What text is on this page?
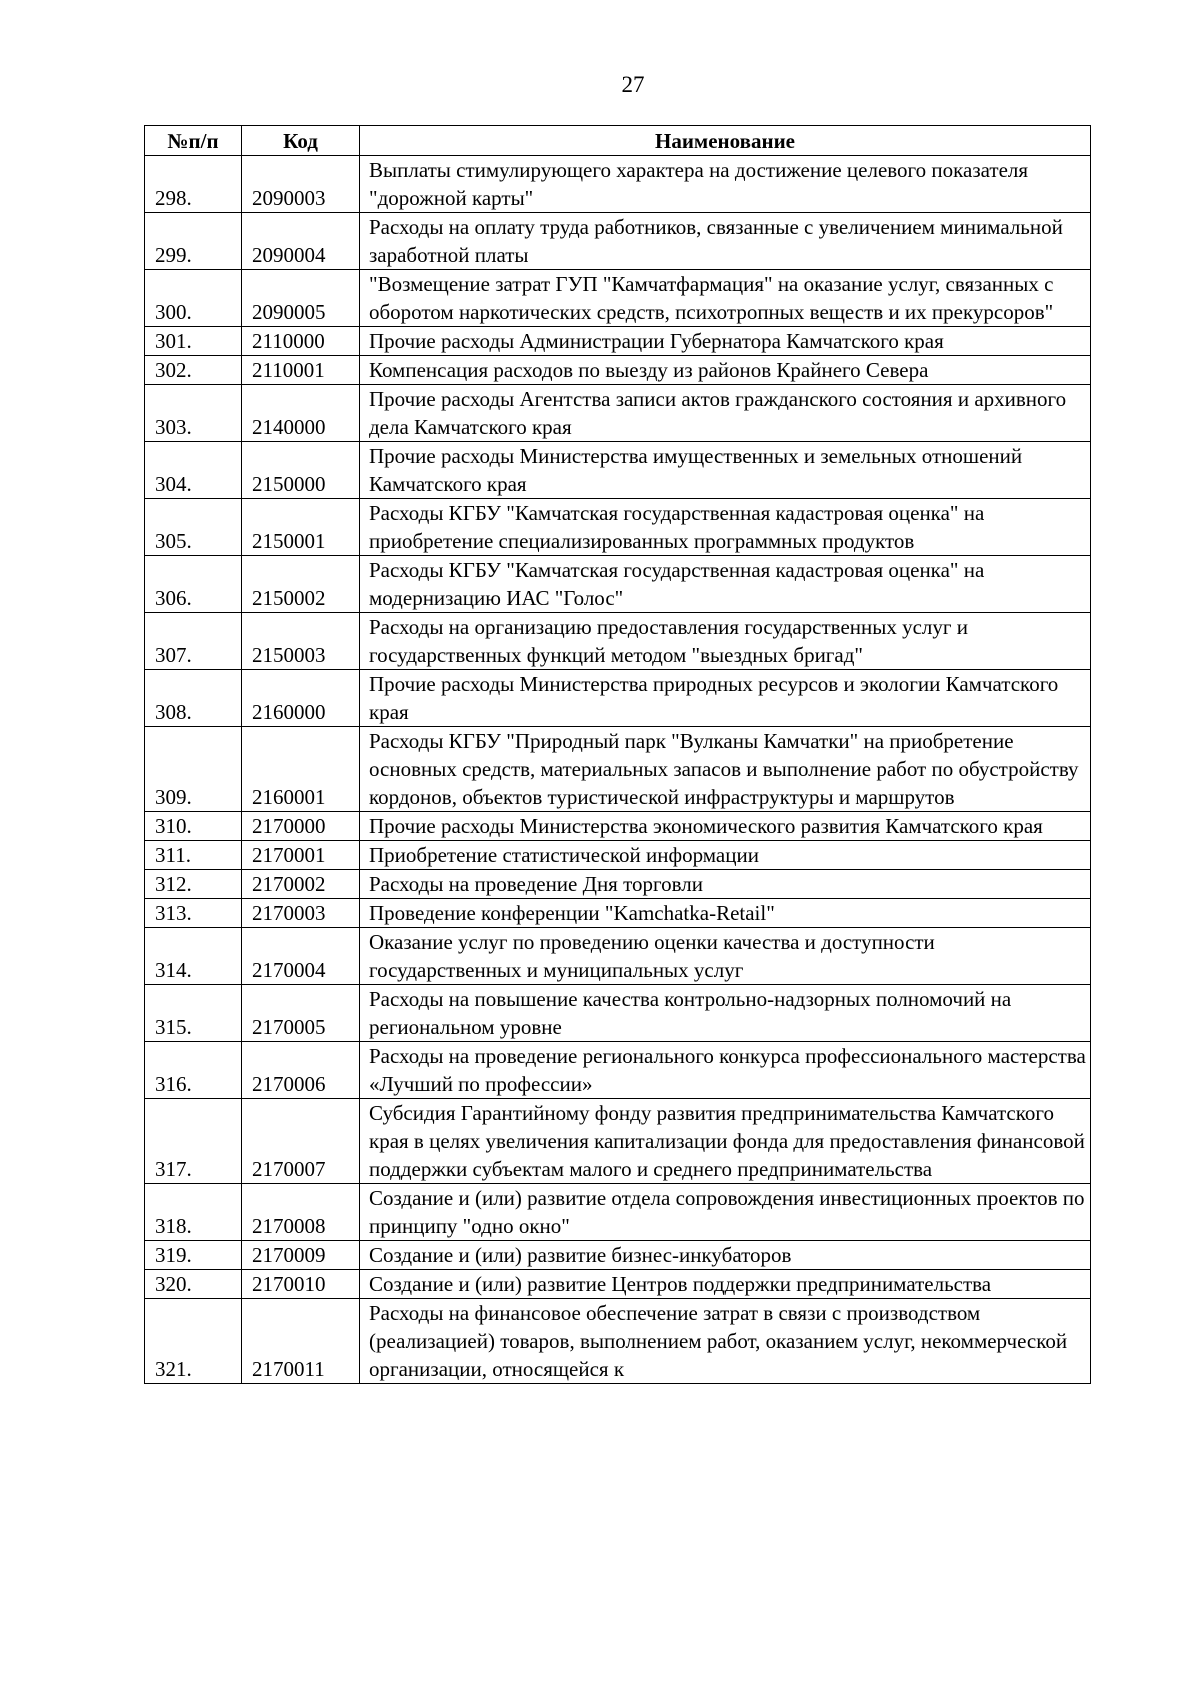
27
№п/п	Код	Наименование
298.	2090003	Выплаты стимулирующего характера на достижение целевого показателя "дорожной карты"
299.	2090004	Расходы на оплату труда работников, связанные с увеличением минимальной заработной платы
300.	2090005	"Возмещение затрат ГУП "Камчатфармация" на оказание услуг, связанных с оборотом наркотических средств, психотропных веществ и их прекурсоров"
301.	2110000	Прочие расходы Администрации Губернатора Камчатского края
302.	2110001	Компенсация расходов по выезду из районов Крайнего Севера
303.	2140000	Прочие расходы Агентства записи актов гражданского состояния и архивного дела Камчатского края
304.	2150000	Прочие расходы Министерства имущественных и земельных отношений Камчатского края
305.	2150001	Расходы КГБУ "Камчатская государственная кадастровая оценка" на приобретение специализированных программных продуктов
306.	2150002	Расходы КГБУ "Камчатская государственная кадастровая оценка" на модернизацию ИАС "Голос"
307.	2150003	Расходы на организацию предоставления государственных услуг и государственных функций методом "выездных бригад"
308.	2160000	Прочие расходы Министерства природных ресурсов и экологии Камчатского края
309.	2160001	Расходы КГБУ "Природный парк "Вулканы Камчатки" на приобретение основных средств, материальных запасов и выполнение работ по обустройству кордонов, объектов туристической инфраструктуры и маршрутов
310.	2170000	Прочие расходы Министерства экономического развития Камчатского края
311.	2170001	Приобретение статистической информации
312.	2170002	Расходы на проведение Дня торговли
313.	2170003	Проведение конференции "Kamchatka-Retail"
314.	2170004	Оказание услуг по проведению оценки качества и доступности государственных и муниципальных услуг
315.	2170005	Расходы на повышение качества контрольно-надзорных полномочий на региональном уровне
316.	2170006	Расходы на проведение регионального конкурса профессионального мастерства «Лучший по профессии»
317.	2170007	Субсидия Гарантийному фонду развития предпринимательства Камчатского края в целях увеличения капитализации фонда для предоставления финансовой поддержки субъектам малого и среднего предпринимательства
318.	2170008	Создание и (или) развитие отдела сопровождения инвестиционных проектов по принципу "одно окно"
319.	2170009	Создание и (или) развитие бизнес-инкубаторов
320.	2170010	Создание и (или) развитие Центров поддержки предпринимательства
321.	2170011	Расходы на финансовое обеспечение затрат в связи с производством (реализацией) товаров, выполнением работ, оказанием услуг, некоммерческой организации, относящейся к
